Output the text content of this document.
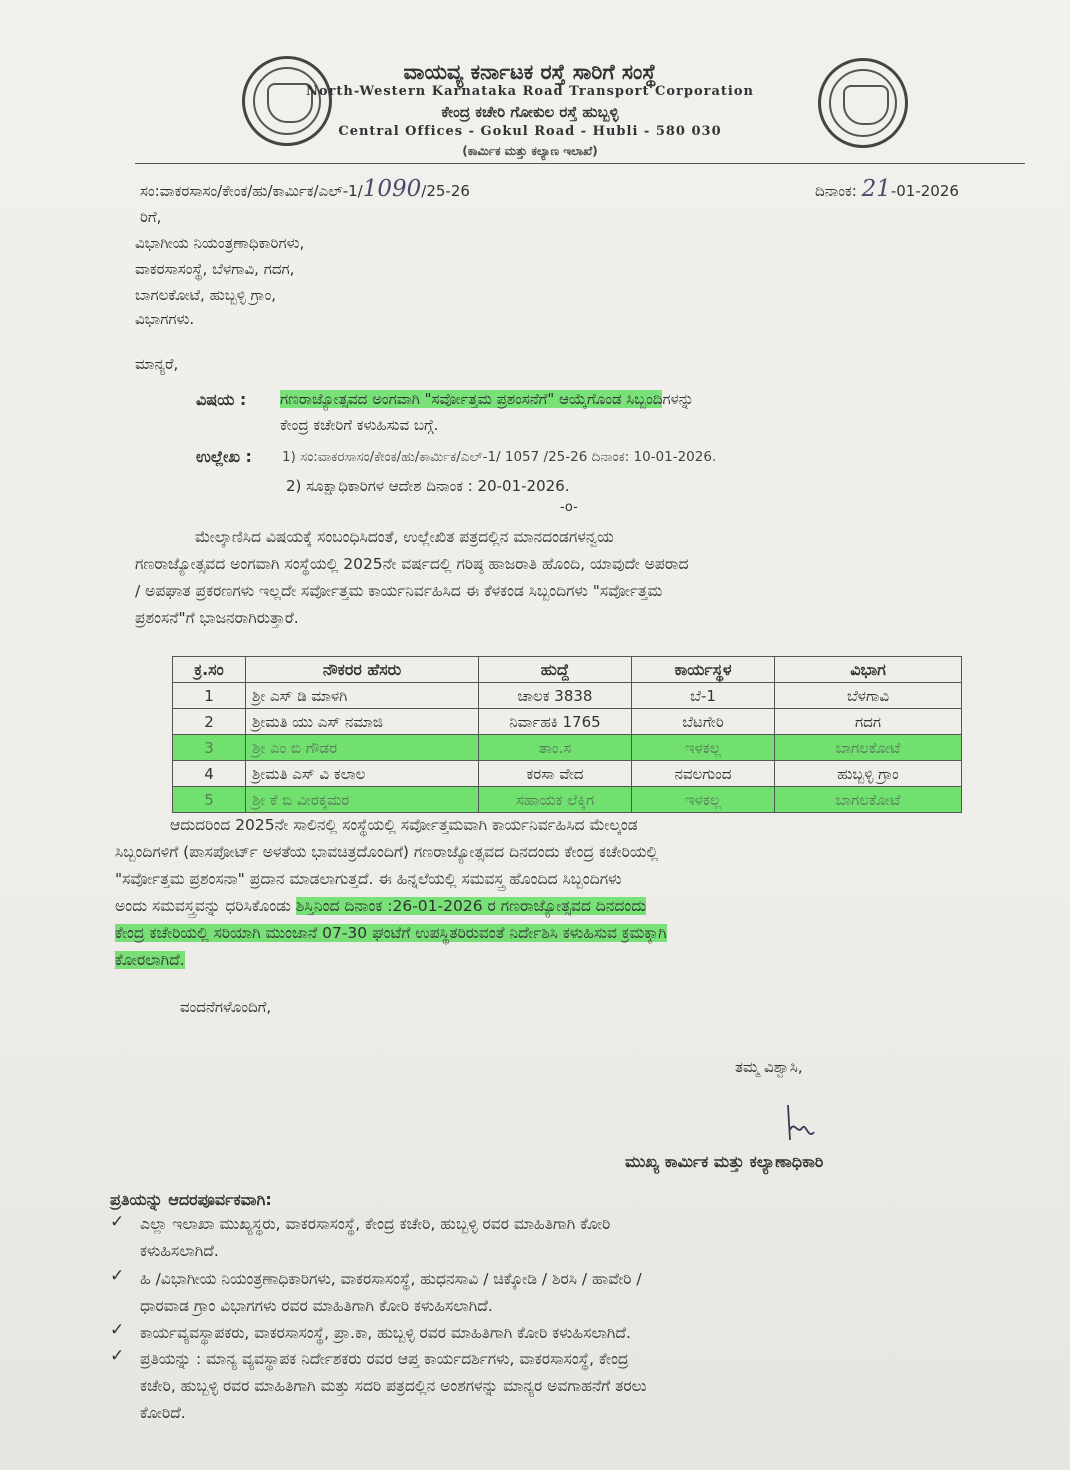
ವಾಯವ್ಯ ಕರ್ನಾಟಕ ರಸ್ತೆ ಸಾರಿಗೆ ಸಂಸ್ಥೆ
North-Western Karnataka Road Transport Corporation
ಕೇಂದ್ರ ಕಚೇರಿ ಗೋಕುಲ ರಸ್ತೆ ಹುಬ್ಬಳ್ಳಿ
Central Offices - Gokul Road - Hubli - 580 030
(ಕಾರ್ಮಿಕ ಮತ್ತು ಕಲ್ಯಾಣ ಇಲಾಖೆ)
ಸಂ:ವಾಕರಸಾಸಂ/ಕೇಂಕ/ಹು/ಕಾರ್ಮಿಕ/ಎಲ್-1/1090/25-26	ದಿನಾಂಕ: 21-01-2026
ರಿಗೆ,
ವಿಭಾಗೀಯ ನಿಯಂತ್ರಣಾಧಿಕಾರಿಗಳು,
ವಾಕರಸಾಸಂಸ್ಥೆ, ಬೆಳಗಾವಿ, ಗದಗ,
ಬಾಗಲಕೋಟೆ, ಹುಬ್ಬಳ್ಳಿ ಗ್ರಾಂ,
ವಿಭಾಗಗಳು.
ಮಾನ್ಯರೆ,
ವಿಷಯ : ಗಣರಾಜ್ಯೋತ್ಸವದ ಅಂಗವಾಗಿ "ಸರ್ವೋತ್ತಮ ಪ್ರಶಂಸನೆಗೆ" ಆಯ್ಕೆಗೊಂಡ ಸಿಬ್ಬಂದಿಗಳನ್ನು
ಕೇಂದ್ರ ಕಚೇರಿಗೆ ಕಳುಹಿಸುವ ಬಗ್ಗೆ.
ಉಲ್ಲೇಖ : 1) ಸಂ:ವಾಕರಸಾಸಂ/ಕೇಂಕ/ಹು/ಕಾರ್ಮಿಕ/ಎಲ್-1/ 1057 /25-26 ದಿನಾಂಕ: 10-01-2026.
2) ಸೂಕ್ಷಾಧಿಕಾರಿಗಳ ಆದೇಶ ದಿನಾಂಕ : 20-01-2026.
-o-
ಮೇಲ್ಕಾಣಿಸಿದ ವಿಷಯಕ್ಕೆ ಸಂಬಂಧಿಸಿದಂತೆ, ಉಲ್ಲೇಖಿತ ಪತ್ರದಲ್ಲಿನ ಮಾನದಂಡಗಳನ್ವಯ
ಗಣರಾಜ್ಯೋತ್ಸವದ ಅಂಗವಾಗಿ ಸಂಸ್ಥೆಯಲ್ಲಿ 2025ನೇ ವರ್ಷದಲ್ಲಿ ಗರಿಷ್ಠ ಹಾಜರಾತಿ ಹೊಂದಿ, ಯಾವುದೇ ಅಪರಾದ
/ ಅಪಘಾತ ಪ್ರಕರಣಗಳು ಇಲ್ಲದೇ ಸರ್ವೋತ್ತಮ ಕಾರ್ಯನಿರ್ವಹಿಸಿದ ಈ ಕೆಳಕಂಡ ಸಿಬ್ಬಂದಿಗಳು "ಸರ್ವೋತ್ತಮ
ಪ್ರಶಂಸನೆ"ಗೆ ಭಾಜನರಾಗಿರುತ್ತಾರೆ.
ಕ್ರ.ಸಂ	ನೌಕರರ ಹೆಸರು	ಹುದ್ದೆ	ಕಾರ್ಯಸ್ಥಳ	ವಿಭಾಗ
1	ಶ್ರೀ ಎಸ್ ಡಿ ಮಾಳಗಿ	ಚಾಲಕ 3838	ಬೆ-1	ಬೆಳಗಾವಿ
2	ಶ್ರೀಮತಿ ಯು ಎಸ್ ನಮಾಜಿ	ನಿರ್ವಾಹಕಿ 1765	ಬೆಟಗೇರಿ	ಗದಗ
3	ಶ್ರೀ ಎಂ ಬಿ ಗೌಡರ	ತಾಂ.ಸ	ಇಳಕಲ್ಲ	ಬಾಗಲಕೋಟೆ
4	ಶ್ರೀಮತಿ ಎಸ್ ವಿ ಕಲಾಲ	ಕರಸಾ ವೇದ	ನವಲಗುಂದ	ಹುಬ್ಬಳ್ಳಿ ಗ್ರಾಂ
5	ಶ್ರೀ ಕೆ ಬಿ ವೀರಕ್ಕಮರ	ಸಹಾಯಕ ಲೆಕ್ಕಿಗ	ಇಳಕಲ್ಲ	ಬಾಗಲಕೋಟೆ
ಆದುದರಿಂದ 2025ನೇ ಸಾಲಿನಲ್ಲಿ ಸಂಸ್ಥೆಯಲ್ಲಿ ಸರ್ವೋತ್ತಮವಾಗಿ ಕಾರ್ಯನಿರ್ವಹಿಸಿದ ಮೇಲ್ಕಂಡ
ಸಿಬ್ಬಂದಿಗಳಿಗೆ (ಪಾಸಪೋರ್ಟ್ ಅಳತೆಯ ಭಾವಚಿತ್ರದೊಂದಿಗೆ) ಗಣರಾಜ್ಯೋತ್ಸವದ ದಿನದಂದು ಕೇಂದ್ರ ಕಚೇರಿಯಲ್ಲಿ
"ಸರ್ವೋತ್ತಮ ಪ್ರಶಂಸನಾ" ಪ್ರದಾನ ಮಾಡಲಾಗುತ್ತದೆ. ಈ ಹಿನ್ನಲೆಯಲ್ಲಿ ಸಮವಸ್ತ್ರ ಹೊಂದಿದ ಸಿಬ್ಬಂದಿಗಳು
ಅಂದು ಸಮವಸ್ತ್ರವನ್ನು ಧರಿಸಿಕೊಂಡು ಶಿಸ್ತಿನಿಂದ ದಿನಾಂಕ :26-01-2026 ರ ಗಣರಾಜ್ಯೋತ್ಸವದ ದಿನದಂದು
ಕೇಂದ್ರ ಕಚೇರಿಯಲ್ಲಿ ಸರಿಯಾಗಿ ಮುಂಜಾನೆ 07-30 ಘಂಟೆಗೆ ಉಪಸ್ಥಿತರಿರುವಂತೆ ನಿರ್ದೇಶಿಸಿ ಕಳುಹಿಸುವ ಕ್ರಮಕ್ಕಾಗಿ
ಕೋರಲಾಗಿದೆ.
ವಂದನೆಗಳೊಂದಿಗೆ,
ತಮ್ಮ ವಿಶ್ವಾಸಿ,
ಮುಖ್ಯ ಕಾರ್ಮಿಕ ಮತ್ತು ಕಲ್ಯಾಣಾಧಿಕಾರಿ
ಪ್ರತಿಯನ್ನು ಆದರಪೂರ್ವಕವಾಗಿ:
✓ ಎಲ್ಲಾ ಇಲಾಖಾ ಮುಖ್ಯಸ್ಥರು, ವಾಕರಸಾಸಂಸ್ಥೆ, ಕೇಂದ್ರ ಕಚೇರಿ, ಹುಬ್ಬಳ್ಳಿ ರವರ ಮಾಹಿತಿಗಾಗಿ ಕೋರಿ
ಕಳುಹಿಸಲಾಗಿದೆ.
✓ ಹಿ /ವಿಭಾಗೀಯ ನಿಯಂತ್ರಣಾಧಿಕಾರಿಗಳು, ವಾಕರಸಾಸಂಸ್ಥೆ, ಹುಧನಸಾವಿ / ಚಿಕ್ಕೋಡಿ / ಶಿರಸಿ / ಹಾವೇರಿ /
ಧಾರವಾಡ ಗ್ರಾಂ ವಿಭಾಗಗಳು ರವರ ಮಾಹಿತಿಗಾಗಿ ಕೋರಿ ಕಳುಹಿಸಲಾಗಿದೆ.
✓ ಕಾರ್ಯವ್ಯವಸ್ಥಾಪಕರು, ವಾಕರಸಾಸಂಸ್ಥೆ, ಪ್ರಾ.ಕಾ, ಹುಬ್ಬಳ್ಳಿ ರವರ ಮಾಹಿತಿಗಾಗಿ ಕೋರಿ ಕಳುಹಿಸಲಾಗಿದೆ.
✓ ಪ್ರತಿಯನ್ನು : ಮಾನ್ಯ ವ್ಯವಸ್ಥಾಪಕ ನಿರ್ದೇಶಕರು ರವರ ಆಪ್ತ ಕಾರ್ಯದರ್ಶಿಗಳು, ವಾಕರಸಾಸಂಸ್ಥೆ, ಕೇಂದ್ರ
ಕಚೇರಿ, ಹುಬ್ಬಳ್ಳಿ ರವರ ಮಾಹಿತಿಗಾಗಿ ಮತ್ತು ಸದರಿ ಪತ್ರದಲ್ಲಿನ ಅಂಶಗಳನ್ನು ಮಾನ್ಯರ ಅವಗಾಹನೆಗೆ ತರಲು
ಕೋರಿದೆ.
